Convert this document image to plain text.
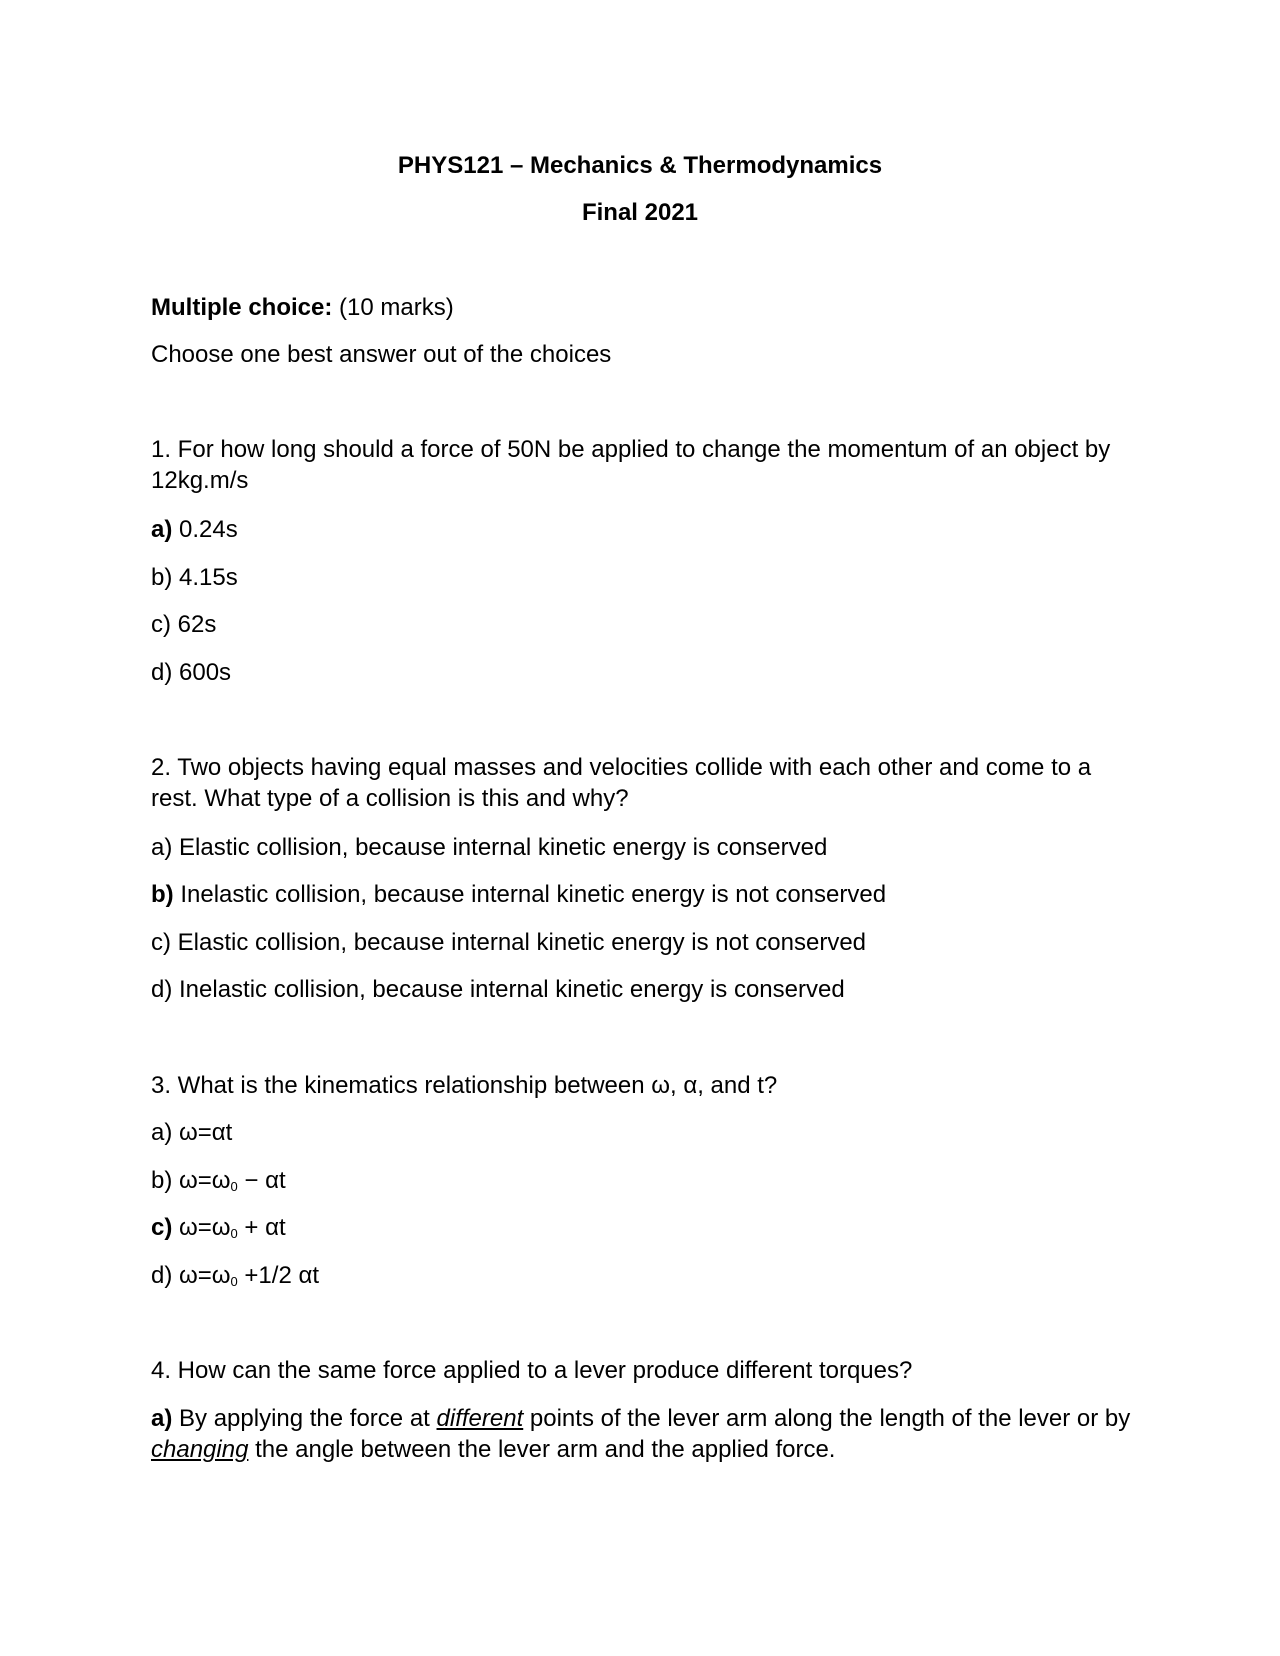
PHYS121 – Mechanics & Thermodynamics

Final 2021

Multiple choice: (10 marks)

Choose one best answer out of the choices

1. For how long should a force of 50N be applied to change the momentum of an object by 12kg.m/s

a) 0.24s

b) 4.15s

c) 62s

d) 600s

2. Two objects having equal masses and velocities collide with each other and come to a rest. What type of a collision is this and why?

a) Elastic collision, because internal kinetic energy is conserved

b) Inelastic collision, because internal kinetic energy is not conserved

c) Elastic collision, because internal kinetic energy is not conserved

d) Inelastic collision, because internal kinetic energy is conserved

3. What is the kinematics relationship between ω, α, and t?

a) ω=αt

b) $\omega=\omega_0 - \alpha t$

c) $\omega=\omega_0 + \alpha t$

d) $\omega=\omega_0 +1/2$ αt

4. How can the same force applied to a lever produce different torques?

a) By applying the force at different points of the lever arm along the length of the lever or by changing the angle between the lever arm and the applied force.
